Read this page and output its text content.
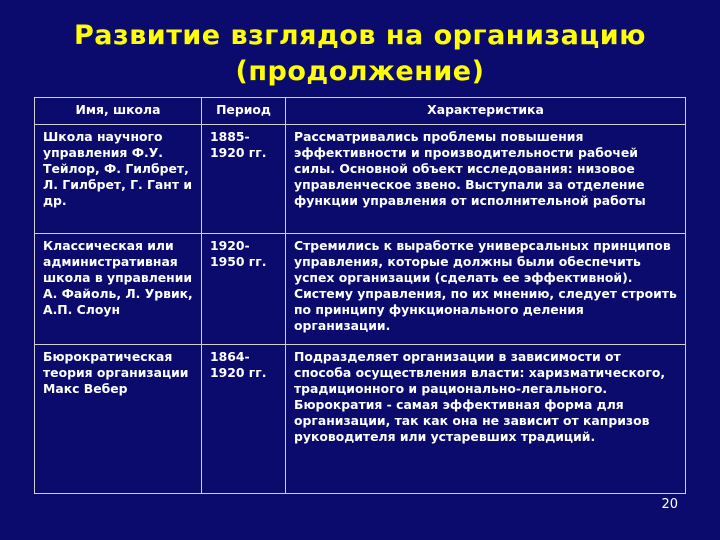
Развитие взглядов на организацию
(продолжение)
Имя, школа	Период	Характеристика
Школа научного управления Ф.У. Тейлор, Ф. Гилбрет, Л. Гилбрет, Г. Гант и др.	1885-1920 гг.	Рассматривались проблемы повышения эффективности и производительности рабочей силы. Основной объект исследования: низовое управленческое звено. Выступали за отделение функции управления от исполнительной работы
Классическая или административная школа в управлении А. Файоль, Л. Урвик, А.П. Слоун	1920-1950 гг.	Стремились к выработке универсальных принципов управления, которые должны были обеспечить успех организации (сделать ее эффективной). Систему управления, по их мнению, следует строить по принципу функционального деления организации.
Бюрократическая теория организации Макс Вебер	1864-1920 гг.	Подразделяет организации в зависимости от способа осуществления власти: харизматического, традиционного и рационально-легального. Бюрократия - самая эффективная форма для организации, так как она не зависит от капризов руководителя или устаревших традиций.
20
